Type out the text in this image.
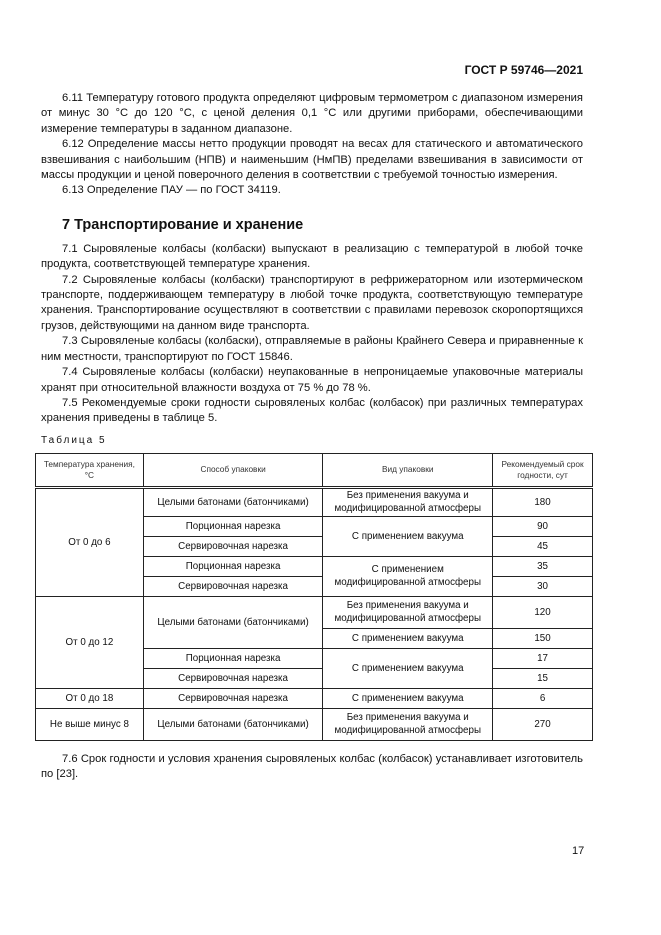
ГОСТ Р 59746—2021

6.11 Температуру готового продукта определяют цифровым термометром с диапазоном измерения от минус 30 °С до 120 °С, с ценой деления 0,1 °С или другими приборами, обеспечивающими измерение температуры в заданном диапазоне.

6.12 Определение массы нетто продукции проводят на весах для статического и автоматического взвешивания с наибольшим (НПВ) и наименьшим (НмПВ) пределами взвешивания в зависимости от массы продукции и ценой поверочного деления в соответствии с требуемой точностью измерения.

6.13 Определение ПАУ — по ГОСТ 34119.

7 Транспортирование и хранение

7.1 Сыровяленые колбасы (колбаски) выпускают в реализацию с температурой в любой точке продукта, соответствующей температуре хранения.

7.2 Сыровяленые колбасы (колбаски) транспортируют в рефрижераторном или изотермическом транспорте, поддерживающем температуру в любой точке продукта, соответствующую температуре хранения. Транспортирование осуществляют в соответствии с правилами перевозок скоропортящихся грузов, действующими на данном виде транспорта.

7.3 Сыровяленые колбасы (колбаски), отправляемые в районы Крайнего Севера и приравненные к ним местности, транспортируют по ГОСТ 15846.

7.4 Сыровяленые колбасы (колбаски) неупакованные в непроницаемые упаковочные материалы хранят при относительной влажности воздуха от 75 % до 78 %.

7.5 Рекомендуемые сроки годности сыровяленых колбас (колбасок) при различных температурах хранения приведены в таблице 5.

Таблица 5
Температура хранения, °С	Способ упаковки	Вид упаковки	Рекомендуемый срок годности, сут
От 0 до 6	Целыми батонами (батончиками)	Без применения вакуума и модифицированной атмосферы	180
	Порционная нарезка	С применением вакуума	90
	Сервировочная нарезка		45
	Порционная нарезка	С применением модифицированной атмосферы	35
	Сервировочная нарезка		30
От 0 до 12	Целыми батонами (батончиками)	Без применения вакуума и модифицированной атмосферы	120
		С применением вакуума	150
	Порционная нарезка	С применением вакуума	17
	Сервировочная нарезка		15
От 0 до 18	Сервировочная нарезка	С применением вакуума	6
Не выше минус 8	Целыми батонами (батончиками)	Без применения вакуума и модифицированной атмосферы	270

7.6 Срок годности и условия хранения сыровяленых колбас (колбасок) устанавливает изготовитель по [23].

17
